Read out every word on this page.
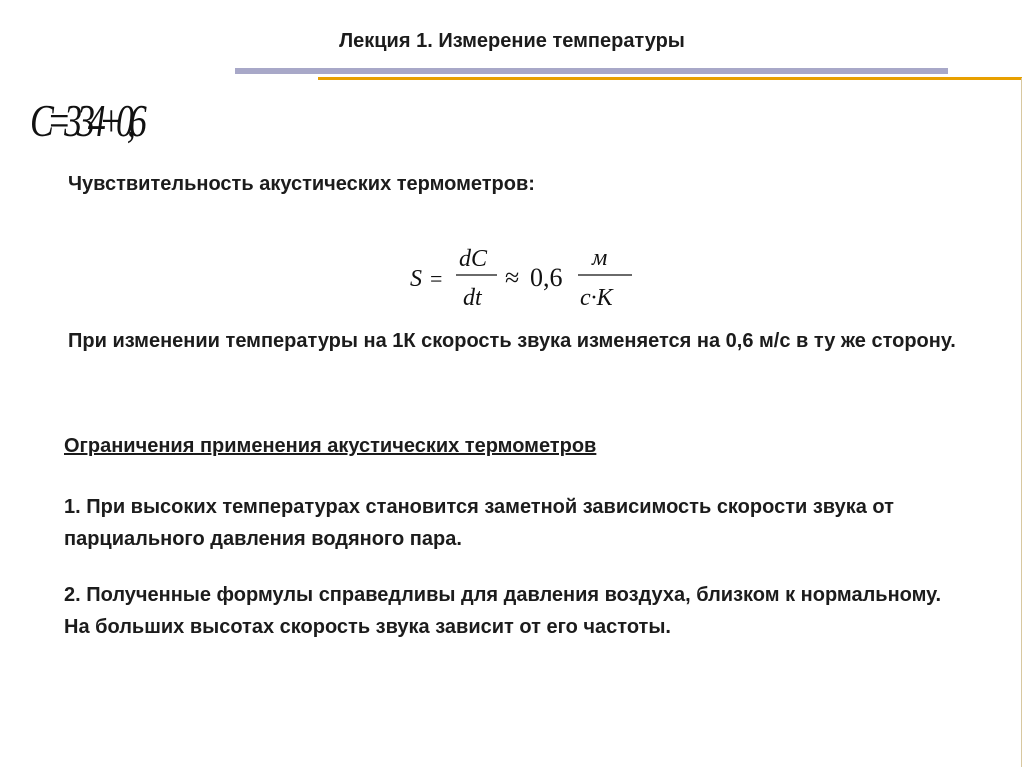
Лекция 1. Измерение температуры
C=3 34+0,6
Чувствительность акустических термометров:
S =
dC
dt
≈ 0,6
м
c·K
При изменении температуры на 1К скорость звука изменяется на 0,6 м/с в ту же сторону.
Ограничения применения акустических термометров
1. При высоких температурах становится заметной зависимость скорости звука от парциального давления водяного пара.
2. Полученные формулы справедливы для давления воздуха, близком к нормальному. На больших высотах скорость звука зависит от его частоты.
